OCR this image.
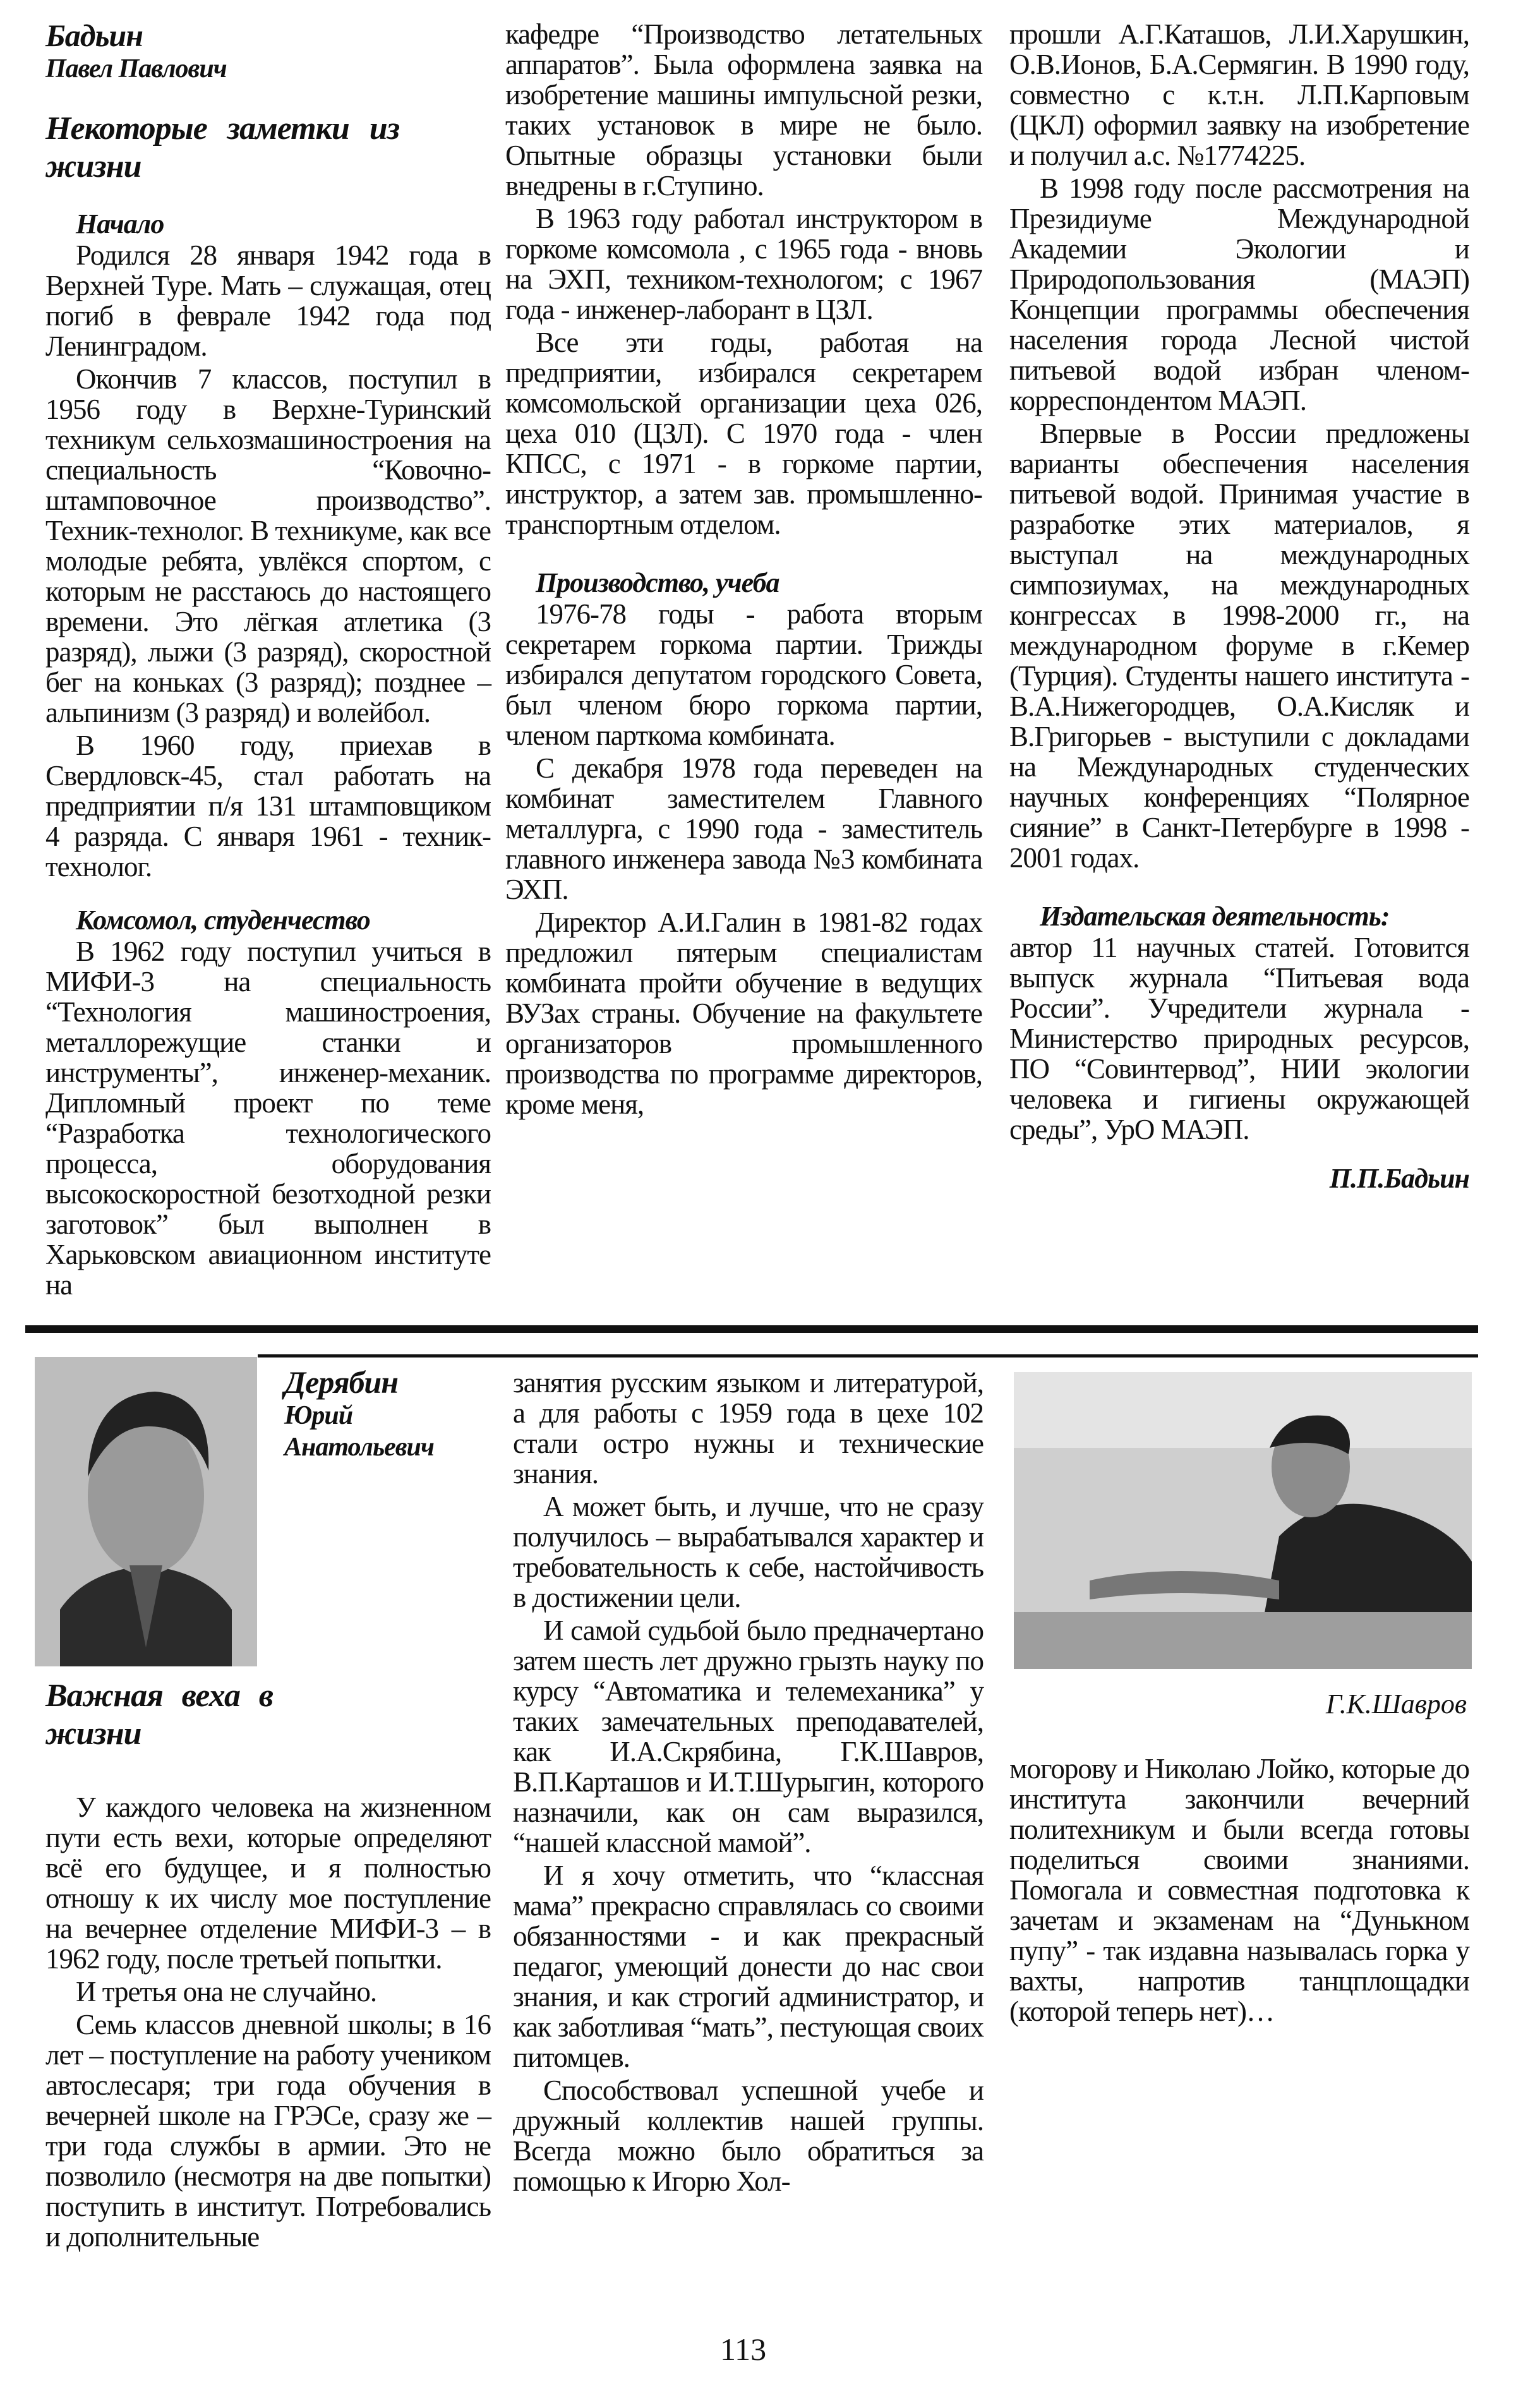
Бадьин
Павел Павлович
Некоторые заметки из жизни
Начало

Родился 28 января 1942 года в Верхней Туре. Мать – служащая, отец погиб в феврале 1942 года под Ленинградом.

Окончив 7 классов, поступил в 1956 году в Верхне-Туринский техникум сельхозмашиностроения на специальность “Ковочно-штамповочное производство”. Техник-технолог. В техникуме, как все молодые ребята, увлёкся спортом, с которым не расстаюсь до настоящего времени. Это лёгкая атлетика (3 разряд), лыжи (3 разряд), скоростной бег на коньках (3 разряд); позднее – альпинизм (3 разряд) и волейбол.

В 1960 году, приехав в Свердловск-45, стал работать на предприятии п/я 131 штамповщиком 4 разряда. С января 1961 - техник-технолог.

Комсомол, студенчество

В 1962 году поступил учиться в МИФИ-3 на специальность “Технология машиностроения, металлорежущие станки и инструменты”, инженер-механик. Дипломный проект по теме “Разработка технологического процесса, оборудования высокоскоростной безотходной резки заготовок” был выполнен в Харьковском авиационном институте на

кафедре “Производство летательных аппаратов”. Была оформлена заявка на изобретение машины импульсной резки, таких установок в мире не было. Опытные образцы установки были внедрены в г.Ступино.

В 1963 году работал инструктором в горкоме комсомола , с 1965 года - вновь на ЭХП, техником-технологом; с 1967 года - инженер-лаборант в ЦЗЛ.

Все эти годы, работая на предприятии, избирался секретарем комсомольской организации цеха 026, цеха 010 (ЦЗЛ). С 1970 года - член КПСС, с 1971 - в горкоме партии, инструктор, а затем зав. промышленно-транспортным отделом.

Производство, учеба

1976-78 годы - работа вторым секретарем горкома партии. Трижды избирался депутатом городского Совета, был членом бюро горкома партии, членом парткома комбината.

С декабря 1978 года переведен на комбинат заместителем Главного металлурга, с 1990 года - заместитель главного инженера завода №3 комбината ЭХП.

Директор А.И.Галин в 1981-82 годах предложил пятерым специалистам комбината пройти обучение в ведущих ВУЗах страны. Обучение на факультете организаторов промышленного производства по программе директоров, кроме меня,

прошли А.Г.Каташов, Л.И.Харушкин, О.В.Ионов, Б.А.Сермягин. В 1990 году, совместно с к.т.н. Л.П.Карповым (ЦКЛ) оформил заявку на изобретение и получил а.с. №1774225.

В 1998 году после рассмотрения на Президиуме Международной Академии Экологии и Природопользования (МАЭП) Концепции программы обеспечения населения города Лесной чистой питьевой водой избран членом-корреспондентом МАЭП.

Впервые в России предложены варианты обеспечения населения питьевой водой. Принимая участие в разработке этих материалов, я выступал на международных симпозиумах, на международных конгрессах в 1998-2000 гг., на международном форуме в г.Кемер (Турция). Студенты нашего института - В.А.Нижегородцев, О.А.Кисляк и В.Григорьев - выступили с докладами на Международных студенческих научных конференциях “Полярное сияние” в Санкт-Петербурге в 1998 - 2001 годах.

Издательская деятельность:

автор 11 научных статей. Готовится выпуск журнала “Питьевая вода России”. Учредители журнала - Министерство природных ресурсов, ПО “Совинтервод”, НИИ экологии человека и гигиены окружающей среды”, УрО МАЭП.

П.П.Бадьин
Дерябин
Юрий
Анатольевич
Важная веха в жизни

У каждого человека на жизненном пути есть вехи, которые определяют всё его будущее, и я полностью отношу к их числу мое поступление на вечернее отделение МИФИ-3 – в 1962 году, после третьей попытки.

И третья она не случайно.

Семь классов дневной школы; в 16 лет – поступление на работу учеником автослесаря; три года обучения в вечерней школе на ГРЭСе, сразу же – три года службы в армии. Это не позволило (несмотря на две попытки) поступить в институт. Потребовались и дополнительные

занятия русским языком и литературой, а для работы с 1959 года в цехе 102 стали остро нужны и технические знания.

А может быть, и лучше, что не сразу получилось – вырабатывался характер и требовательность к себе, настойчивость в достижении цели.

И самой судьбой было предначертано затем шесть лет дружно грызть науку по курсу “Автоматика и телемеханика” у таких замечательных преподавателей, как И.А.Скрябина, Г.К.Шавров, В.П.Карташов и И.Т.Шурыгин, которого назначили, как он сам выразился, “нашей классной мамой”.

И я хочу отметить, что “классная мама” прекрасно справлялась со своими обязанностями - и как прекрасный педагог, умеющий донести до нас свои знания, и как строгий администратор, и как заботливая “мать”, пестующая своих питомцев.

Способствовал успешной учебе и дружный коллектив нашей группы. Всегда можно было обратиться за помощью к Игорю Хол-

Г.К.Шавров

могорову и Николаю Лойко, которые до института закончили вечерний политехникум и были всегда готовы поделиться своими знаниями. Помогала и совместная подготовка к зачетам и экзаменам на “Дунькном пупу” - так издавна называлась горка у вахты, напротив танцплощадки (которой теперь нет)…

113
